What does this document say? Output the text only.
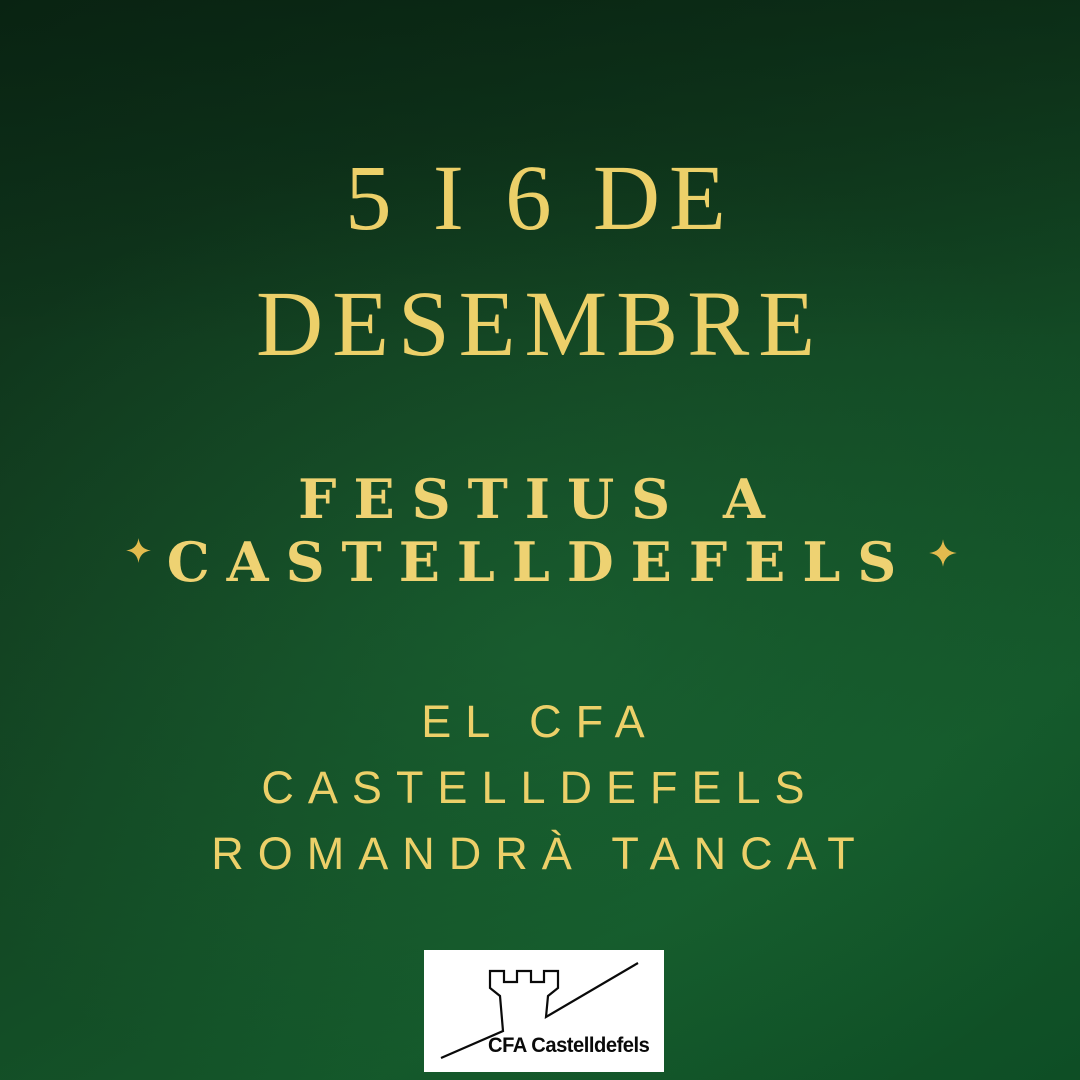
5 I 6 DE
DESEMBRE
FESTIUS A
CASTELLDEFELS
EL CFA
CASTELLDEFELS
ROMANDRÀ TANCAT
CFA Castelldefels
